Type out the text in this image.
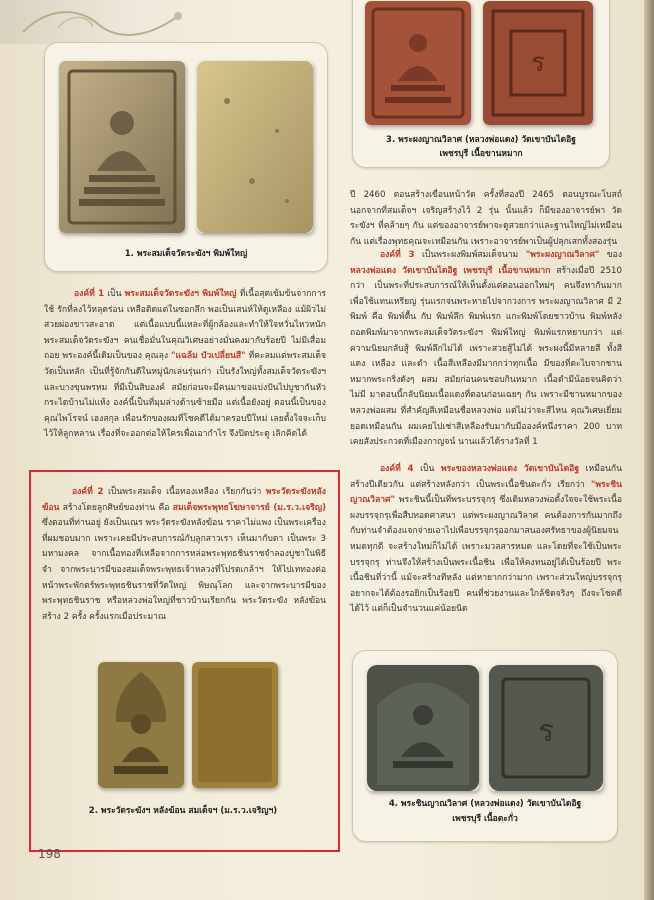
1. พระสมเด็จวัดระฆังฯ พิมพ์ใหญ่
ร
3. พระผงญาณวิลาศ (หลวงพ่อแดง) วัดเขาบันไดอิฐ
เพชรบุรี เนื้อขานหมาก

องค์ที่ 1 เป็น พระสมเด็จวัดระฆังฯ พิมพ์ใหญ่ ที่เนื้อสุดเข้มข้นจากการใช้ รักที่ลงไว้หลุดร่อน เหลือติดแต่ในซอกลึก พอเป็นเสน่ห์ให้ดูเหลือง แม้ผิวไม่สวยผ่องขาวสะอาด แต่เนื้อแบบนี้แหละที่ผู้กล้องและทำให้ใจหวั่นไหวหนัก พระสมเด็จวัดระฆังฯ คนเชื่อมั่นในคุณวิเศษอย่างมั่นคงมากับร้อยปี ไม่มีเสื่อมถอย พระองค์นี้เดิมเป็นของ คุณลุง "แฉล้ม บัวเปลี่ยนสี" ที่คะลมแต่พระสมเด็จวัดเป็นหลัก เป็นที่รู้จักกันดีในหมู่นักเล่นรุ่นเก่า เป็นรังใหญ่ทั้งสมเด็จวัดระฆังฯ และบางขุนพรหม ที่มีเป็นสิบองค์ สมัยก่อนจะมีคนมาขอแบ่งปันไปบูชากันหัวกระไดบ้านไม่แห้ง องค์นี้เป็นที่มุมล่างด้านซ้ายมือ แต่เนื้อยังอยู่ ตอนนี้เป็นของคุณไพโรจน์ เฮงสกุล เพื่อนรักของผมที่โชคดีได้มาครอบปีใหม่ เลยตั้งใจจะเก็บไว้ให้ลูกหลาน เรื่องที่จะออกต่อให้ใครเพื่อเอากำไร จึงปิดประตู เลิกคิดได้

องค์ที่ 2 เป็นพระสมเด็จ เนื้อทองเหลือง เรียกกันว่า พระวัดระฆังหลังฆ้อน สร้างโดยลูกศิษย์ของท่าน คือ สมเด็จพระพุทธโฆษาจารย์ (ม.ร.ว.เจริญ) ซึ่งตอนที่ท่านอยู่ ยังเป็นเณร พระวัดระฆังหลังฆ้อน ราคาไม่แพง เป็นพระเครื่องที่ผมชอบมาก เพราะเคยมีประสบการณ์กับลูกสาวเรา เห็นมากับตา เป็นพระ 3 มหามงคล จากเนื้อทองที่เหลือจากการหล่อพระพุทธชินราชจำลองบูชาในพิธีจำ จากพระบารมีของสมเด็จพระพุทธเจ้าหลวงที่โปรดเกล้าฯ ให้ไปเททองต่อหน้าพระพักตร์พระพุทธชินราชที่วัดใหญ่ พิษณุโลก และจากพระบารมีของพระพุทธชินราช หรือหลวงพ่อใหญ่ที่ชาวบ้านเรียกกัน พระวัดระฆัง หลังฆ้อนสร้าง 2 ครั้ง ครั้งแรกเมื่อประมาณ

2. พระวัดระฆังฯ หลังฆ้อน สมเด็จฯ (ม.ร.ว.เจริญฯ)

ปี 2460 ตอนสร้างเขื่อนหน้าวัด ครั้งที่สองปี 2465 ตอนบูรณะโบสถ์ นอกจากที่สมเด็จฯ เจริญสร้างไว้ 2 รุ่น นั้นแล้ว ก็มีของอาจารย์พา วัดระฆังฯ ที่คล้ายๆ กัน แต่ของอาจารย์พาจะดูสวยกว่าและฐานใหญ่ไม่เหมือนกัน แต่เรื่องพุทธคุณจะเหมือนกัน เพราะอาจารย์พาเป็นผู้ปลุกเสกทั้งสองรุ่น

องค์ที่ 3 เป็นพระผงพิมพ์สมเด็จนาม "พระผงญาณวิลาศ" ของ หลวงพ่อแดง วัดเขาบันไดอิฐ เพชรบุรี เนื้อขานหมาก สร้างเมื่อปี 2510 กว่า เป็นพระที่ประสบการณ์ให้เห็นตั้งแต่ตอนออกใหม่ๆ คนจึงหากันมากเพื่อใช้แทนเหรียญ รุ่นแรกจนพระหายไปจากวงการ พระผงญาณวิลาศ มี 2 พิมพ์ คือ พิมพ์ตื้น กับ พิมพ์ลึก พิมพ์แรก แกะพิมพ์โดยชาวบ้าน พิมพ์หลัง ถอดพิมพ์มาจากพระสมเด็จวัดระฆังฯ พิมพ์ใหญ่ พิมพ์แรกหยาบกว่า แต่ความนิยมกลับสู้ พิมพ์ลึกไม่ได้ เพราะสวยสู้ไม่ได้ พระผงนี้มีหลายสี ทั้งสีแดง เหลือง และดำ เนื้อสีเหลืองมีมากกว่าทุกเนื้อ มีของที่ตะไบจากชานหมากพระกริ่งดังๆ ผสม สมัยก่อนคนชอบกินหมาก เนื้อดำมีน้อยจนคิดว่าไม่มี มาตอนนี้กลับนิยมเนื้อแดงที่ตอนก่อนเฉยๆ กัน เพราะมีชานหมากของหลวงพ่อผสม ที่สำคัญสีเหมือนชื่อหลวงพ่อ แต่ไม่ว่าจะสีไหน คุณวิเศษเยี่ยมยอดเหมือนกัน ผมเคยไปเช่าสีเหลืองรับมากับมือองค์หนึ่งราคา 200 บาท เคยสังประกวดที่เมืองกาญจน์ นานแล้วได้รางวัลที่ 1

องค์ที่ 4 เป็น พระของหลวงพ่อแดง วัดเขาบันไดอิฐ เหมือนกัน สร้างปีเดียวกัน แต่สร้างหลังกว่า เป็นพระเนื้อชินตะกั่ว เรียกว่า "พระชินญาณวิลาศ" พระชินนี้เป็นที่พระบรรจุกรุ ซึ่งเดิมหลวงพ่อตั้งใจจะใช้พระเนื้อผงบรรจุกรุเพื่อสืบทอดศาสนา แต่พระผงญาณวิลาศ คนต้องการกันมากถึงกับท่านจำต้องแจกจ่ายเอาไปเพื่อบรรจุกรุออกมาสนองศรัทธาของผู้นิยมจนหมดทุกตี จะสร้างใหม่ก็ไม่ได้ เพราะมวลสารหมด และโดยที่จะใช้เป็นพระบรรจุกรุ ท่านจึงให้สร้างเป็นพระเนื้อชิน เพื่อให้คงทนอยู่ได้เป็นร้อยปี พระเนื้อชินที่ว่านี้ แม้จะสร้างทีหลัง แต่หายากกว่ามาก เพราะส่วนใหญ่บรรจุกรุ อยากจะได้ต้องรอยิกเป็นร้อยปี คนที่ช่วยงานและใกล้ชิดจริงๆ ถึงจะโชคดีได้ไว้ แต่ก็เป็นจำนวนแค่น้อยนิด

ร
4. พระชินญาณวิลาศ (หลวงพ่อแดง) วัดเขาบันไดอิฐ
เพชรบุรี เนื้อตะกั่ว
198
